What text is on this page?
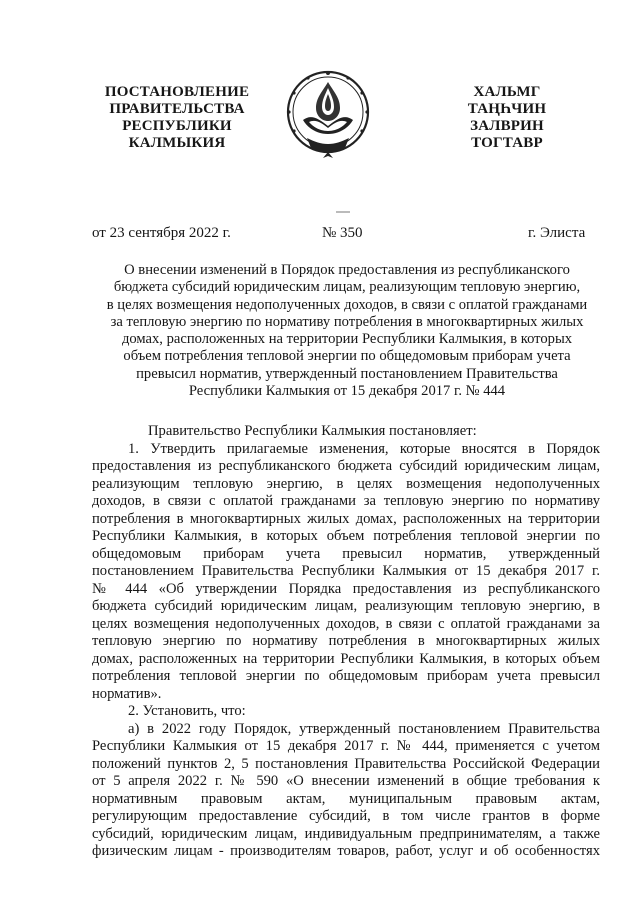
ПОСТАНОВЛЕНИЕ
ПРАВИТЕЛЬСТВА
РЕСПУБЛИКИ
КАЛМЫКИЯ
ХАЛЬМГ
ТАҢҺЧИН
ЗАЛВРИН
ТОГТАВР
от 23 сентября 2022 г.	№ 350	г. Элиста
О внесении изменений в Порядок предоставления из республиканского
бюджета субсидий юридическим лицам, реализующим тепловую энергию,
в целях возмещения недополученных доходов, в связи с оплатой гражданами
за тепловую энергию по нормативу потребления в многоквартирных жилых
домах, расположенных на территории Республики Калмыкия, в которых
объем потребления тепловой энергии по общедомовым приборам учета
превысил норматив, утвержденный постановлением Правительства
Республики Калмыкия от 15 декабря 2017 г. № 444
Правительство Республики Калмыкия постановляет:
1. Утвердить прилагаемые изменения, которые вносятся в Порядок
предоставления из республиканского бюджета субсидий юридическим лицам,
реализующим тепловую энергию, в целях возмещения недополученных
доходов, в связи с оплатой гражданами за тепловую энергию по нормативу
потребления в многоквартирных жилых домах, расположенных на территории
Республики Калмыкия, в которых объем потребления тепловой энергии по
общедомовым приборам учета превысил норматив, утвержденный
постановлением Правительства Республики Калмыкия от 15 декабря 2017 г.
№ 444 «Об утверждении Порядка предоставления из республиканского
бюджета субсидий юридическим лицам, реализующим тепловую энергию, в
целях возмещения недополученных доходов, в связи с оплатой гражданами за
тепловую энергию по нормативу потребления в многоквартирных жилых
домах, расположенных на территории Республики Калмыкия, в которых объем
потребления тепловой энергии по общедомовым приборам учета превысил
норматив».
2. Установить, что:
а) в 2022 году Порядок, утвержденный постановлением Правительства
Республики Калмыкия от 15 декабря 2017 г. № 444, применяется с учетом
положений пунктов 2, 5 постановления Правительства Российской Федерации
от 5 апреля 2022 г. № 590 «О внесении изменений в общие требования к
нормативным правовым актам, муниципальным правовым актам,
регулирующим предоставление субсидий, в том числе грантов в форме
субсидий, юридическим лицам, индивидуальным предпринимателям, а также
физическим лицам - производителям товаров, работ, услуг и об особенностях
